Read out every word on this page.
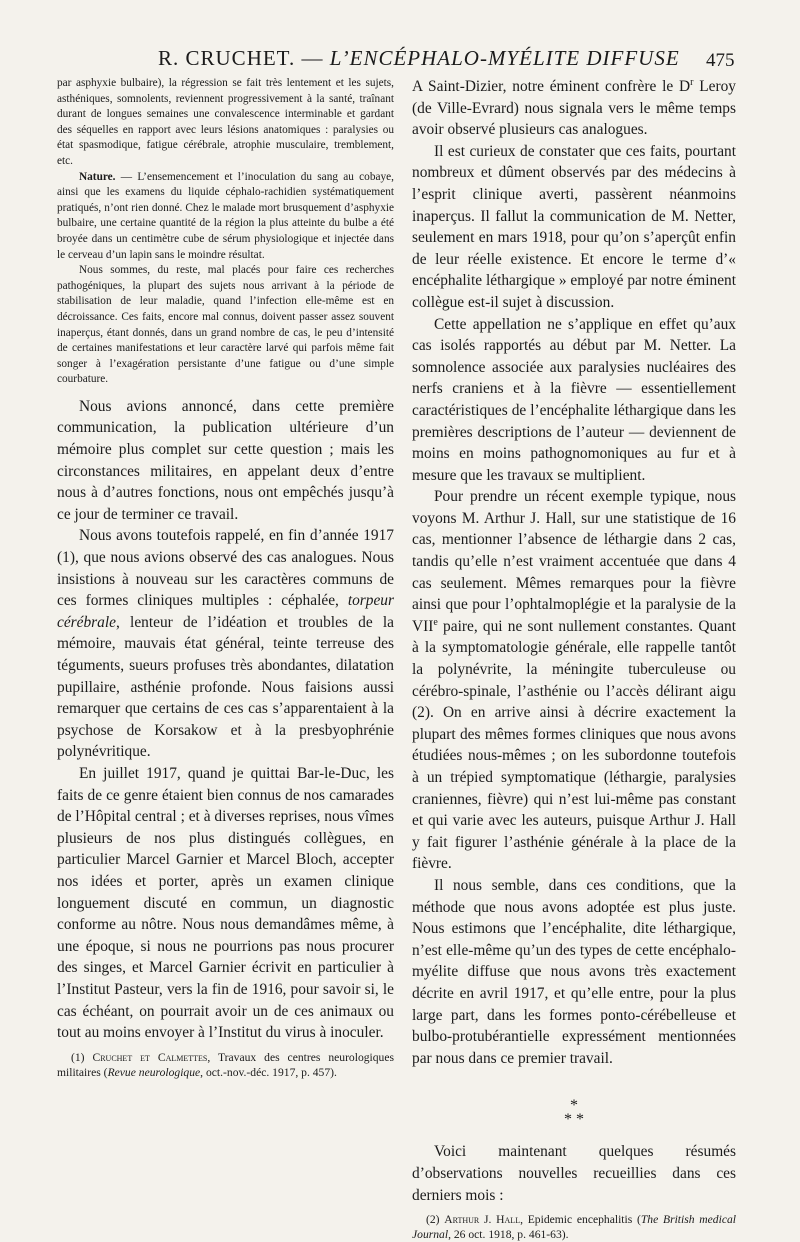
R. CRUCHET. — L’ENCÉPHALO-MYÉLITE DIFFUSE 475

par asphyxie bulbaire), la régression se fait très lentement et les sujets, asthéniques, somnolents, reviennent progressivement à la santé, traînant durant de longues semaines une convalescence interminable et gardant des séquelles en rapport avec leurs lésions anatomiques : paralysies ou état spasmodique, fatigue cérébrale, atrophie musculaire, tremblement, etc.

Nature. — L’ensemencement et l’inoculation du sang au cobaye, ainsi que les examens du liquide céphalo-rachidien systématiquement pratiqués, n’ont rien donné. Chez le malade mort brusquement d’asphyxie bulbaire, une certaine quantité de la région la plus atteinte du bulbe a été broyée dans un centimètre cube de sérum physiologique et injectée dans le cerveau d’un lapin sans le moindre résultat.

Nous sommes, du reste, mal placés pour faire ces recherches pathogéniques, la plupart des sujets nous arrivant à la période de stabilisation de leur maladie, quand l’infection elle-même est en décroissance. Ces faits, encore mal connus, doivent passer assez souvent inaperçus, étant donnés, dans un grand nombre de cas, le peu d’intensité de certaines manifestations et leur caractère larvé qui parfois même fait songer à l’exagération persistante d’une fatigue ou d’une simple courbature.

Nous avions annoncé, dans cette première communication, la publication ultérieure d’un mémoire plus complet sur cette question ; mais les circonstances militaires, en appelant deux d’entre nous à d’autres fonctions, nous ont empêchés jusqu’à ce jour de terminer ce travail.

Nous avons toutefois rappelé, en fin d’année 1917 (1), que nous avions observé des cas analogues. Nous insistions à nouveau sur les caractères communs de ces formes cliniques multiples : céphalée, torpeur cérébrale, lenteur de l’idéation et troubles de la mémoire, mauvais état général, teinte terreuse des téguments, sueurs profuses très abondantes, dilatation pupillaire, asthénie profonde. Nous faisions aussi remarquer que certains de ces cas s’apparentaient à la psychose de Korsakow et à la presbyophrénie polynévritique.

En juillet 1917, quand je quittai Bar-le-Duc, les faits de ce genre étaient bien connus de nos camarades de l’Hôpital central ; et à diverses reprises, nous vîmes plusieurs de nos plus distingués collègues, en particulier Marcel Garnier et Marcel Bloch, accepter nos idées et porter, après un examen clinique longuement discuté en commun, un diagnostic conforme au nôtre. Nous nous demandâmes même, à une époque, si nous ne pourrions pas nous procurer des singes, et Marcel Garnier écrivit en particulier à l’Institut Pasteur, vers la fin de 1916, pour savoir si, le cas échéant, on pourrait avoir un de ces animaux ou tout au moins envoyer à l’Institut du virus à inoculer.

(1) Cruchet et Calmettes, Travaux des centres neurologiques militaires (Revue neurologique, oct.-nov.-déc. 1917, p. 457).

A Saint-Dizier, notre éminent confrère le $D^r$ Leroy (de Ville-Evrard) nous signala vers le même temps avoir observé plusieurs cas analogues.

Il est curieux de constater que ces faits, pourtant nombreux et dûment observés par des médecins à l’esprit clinique averti, passèrent néanmoins inaperçus. Il fallut la communication de M. Netter, seulement en mars 1918, pour qu’on s’aperçût enfin de leur réelle existence. Et encore le terme d’« encéphalite léthargique » employé par notre éminent collègue est-il sujet à discussion.

Cette appellation ne s’applique en effet qu’aux cas isolés rapportés au début par M. Netter. La somnolence associée aux paralysies nucléaires des nerfs craniens et à la fièvre — essentiellement caractéristiques de l’encéphalite léthargique dans les premières descriptions de l’auteur — deviennent de moins en moins pathognomoniques au fur et à mesure que les travaux se multiplient.

Pour prendre un récent exemple typique, nous voyons M. Arthur J. Hall, sur une statistique de 16 cas, mentionner l’absence de léthargie dans 2 cas, tandis qu’elle n’est vraiment accentuée que dans 4 cas seulement. Mêmes remarques pour la fièvre ainsi que pour l’ophtalmoplégie et la paralysie de la VIIe paire, qui ne sont nullement constantes. Quant à la symptomatologie générale, elle rappelle tantôt la polynévrite, la méningite tuberculeuse ou cérébro-spinale, l’asthénie ou l’accès délirant aigu (2). On en arrive ainsi à décrire exactement la plupart des mêmes formes cliniques que nous avons étudiées nous-mêmes ; on les subordonne toutefois à un trépied symptomatique (léthargie, paralysies craniennes, fièvre) qui n’est lui-même pas constant et qui varie avec les auteurs, puisque Arthur J. Hall y fait figurer l’asthénie générale à la place de la fièvre.

Il nous semble, dans ces conditions, que la méthode que nous avons adoptée est plus juste. Nous estimons que l’encéphalite, dite léthargique, n’est elle-même qu’un des types de cette encéphalo-myélite diffuse que nous avons très exactement décrite en avril 1917, et qu’elle entre, pour la plus large part, dans les formes ponto-cérébelleuse et bulbo-protubérantielle expressément mentionnées par nous dans ce premier travail.

*
* *

Voici maintenant quelques résumés d’observations nouvelles recueillies dans ces derniers mois :

(2) Arthur J. Hall, Epidemic encephalitis (The British medical Journal, 26 oct. 1918, p. 461-63).
